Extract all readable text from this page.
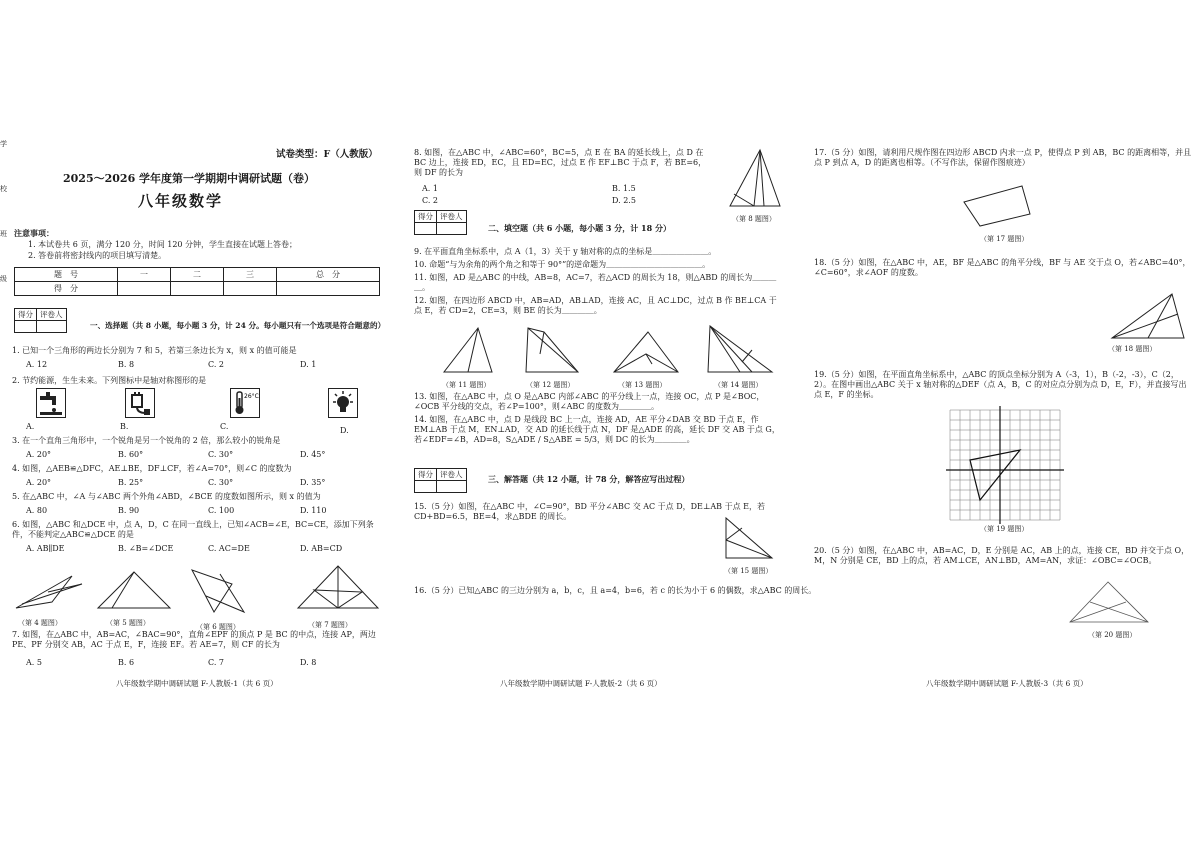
学
校
班
级
试卷类型：F（人教版）
2025～2026 学年度第一学期期中调研试题（卷）
八年级数学
注意事项：
1. 本试卷共 6 页，满分 120 分，时间 120 分钟，学生直接在试题上答卷；
2. 答卷前将密封线内的项目填写清楚。
题　号	一	二	三	总　分
得　分				
得分	评卷人

一、选择题（共 8 小题，每小题 3 分，计 24 分。每小题只有一个选项是符合题意的）
1. 已知一个三角形的两边长分别为 7 和 5，若第三条边长为 x，则 x 的值可能是
A. 12	B. 8	C. 2	D. 1
2. 节约能源，生生未来。下列图标中是轴对称图形的是
26°C
A.	B.	C.	D.
3. 在一个直角三角形中，一个锐角是另一个锐角的 2 倍，那么较小的锐角是
A. 20°	B. 60°	C. 30°	D. 45°
4. 如图，△AEB≌△DFC，AE⊥BE，DF⊥CF，若∠A=70°，则∠C 的度数为
A. 20°	B. 25°	C. 30°	D. 35°
5. 在△ABC 中，∠A 与∠ABC 两个外角∠ABD，∠BCE 的度数如图所示，则 x 的值为
A. 80	B. 90	C. 100	D. 110
6. 如图，△ABC 和△DCE 中，点 A，D，C 在同一直线上，已知∠ACB=∠E，BC=CE，添加下列条件，不能判定△ABC≌△DCE 的是
A. AB∥DE	B. ∠B=∠DCE	C. AC=DE	D. AB=CD
（第 4 题图）	（第 5 题图）	（第 6 题图）	（第 7 题图）
7. 如图，在△ABC 中，AB=AC，∠BAC=90°，直角∠EPF 的顶点 P 是 BC 的中点，连接 AP，两边 PE、PF 分别交 AB，AC 于点 E，F，连接 EF。若 AE=7，则 CF 的长为
A. 5	B. 6	C. 7	D. 8
八年级数学期中调研试题 F-人教版-1（共 6 页）
8. 如图，在△ABC 中，∠ABC=60°，BC=5，点 E 在 BA 的延长线上，点 D 在 BC 边上，连接 ED，EC，且 ED=EC，过点 E 作 EF⊥BC 于点 F，若 BE=6，则 DF 的长为
A. 1	B. 1.5
C. 2	D. 2.5
（第 8 题图）
得分	评卷人

二、填空题（共 6 小题，每小题 3 分，计 18 分）
9. 在平面直角坐标系中，点 A（1，3）关于 y 轴对称的点的坐标是＿＿＿＿＿＿＿。
10. 命题“与为余角的两个角之和等于 90°”的逆命题为＿＿＿＿＿＿＿＿＿＿＿＿。
11. 如图，AD 是△ABC 的中线，AB=8，AC=7，若△ACD 的周长为 18，则△ABD 的周长为＿＿＿＿。
12. 如图，在四边形 ABCD 中，AB=AD，AB⊥AD，连接 AC，且 AC⊥DC，过点 B 作 BE⊥CA 于点 E，若 CD=2，CE=3，则 BE 的长为＿＿＿＿。
（第 11 题图）	（第 12 题图）	（第 13 题图）	（第 14 题图）
13. 如图，在△ABC 中，点 O 是△ABC 内部∠ABC 的平分线上一点，连接 OC，点 P 是∠BOC，∠OCB 平分线的交点，若∠P=100°，则∠ABC 的度数为＿＿＿＿。
14. 如图，在△ABC 中，点 D 是线段 BC 上一点，连接 AD，AE 平分∠DAB 交 BD 于点 E，作 EM⊥AB 于点 M，EN⊥AD，交 AD 的延长线于点 N，DF 是△ADE 的高，延长 DF 交 AB 于点 G，若∠EDF=∠B，AD=8，S△ADE / S△ABE = 5/3，则 DC 的长为＿＿＿＿。
得分	评卷人
		三、解答题（共 12 小题，计 78 分，解答应写出过程）
15.（5 分）如图，在△ABC 中，∠C=90°，BD 平分∠ABC 交 AC 于点 D，DE⊥AB 于点 E，若 CD+BD=6.5，BE=4，求△BDE 的周长。
（第 15 题图）
16.（5 分）已知△ABC 的三边分别为 a，b，c，且 a=4，b=6，若 c 的长为小于 6 的偶数，求△ABC 的周长。
八年级数学期中调研试题 F-人教版-2（共 6 页）
17.（5 分）如图，请利用尺规作图在四边形 ABCD 内求一点 P，使得点 P 到 AB，BC 的距离相等，并且点 P 到点 A，D 的距离也相等。（不写作法，保留作图痕迹）
（第 17 题图）
18.（5 分）如图，在△ABC 中，AE，BF 是△ABC 的角平分线，BF 与 AE 交于点 O，若∠ABC=40°，∠C=60°，求∠AOF 的度数。
（第 18 题图）
19.（5 分）如图，在平面直角坐标系中，△ABC 的顶点坐标分别为 A（-3，1），B（-2，-3），C（2，2）。在图中画出△ABC 关于 x 轴对称的△DEF（点 A，B，C 的对应点分别为点 D，E，F），并直接写出点 E，F 的坐标。
（第 19 题图）
20.（5 分）如图，在△ABC 中，AB=AC，D，E 分别是 AC，AB 上的点，连接 CE，BD 并交于点 O，M，N 分别是 CE，BD 上的点，若 AM⊥CE，AN⊥BD，AM=AN，求证：∠OBC=∠OCB。
（第 20 题图）
八年级数学期中调研试题 F-人教版-3（共 6 页）
